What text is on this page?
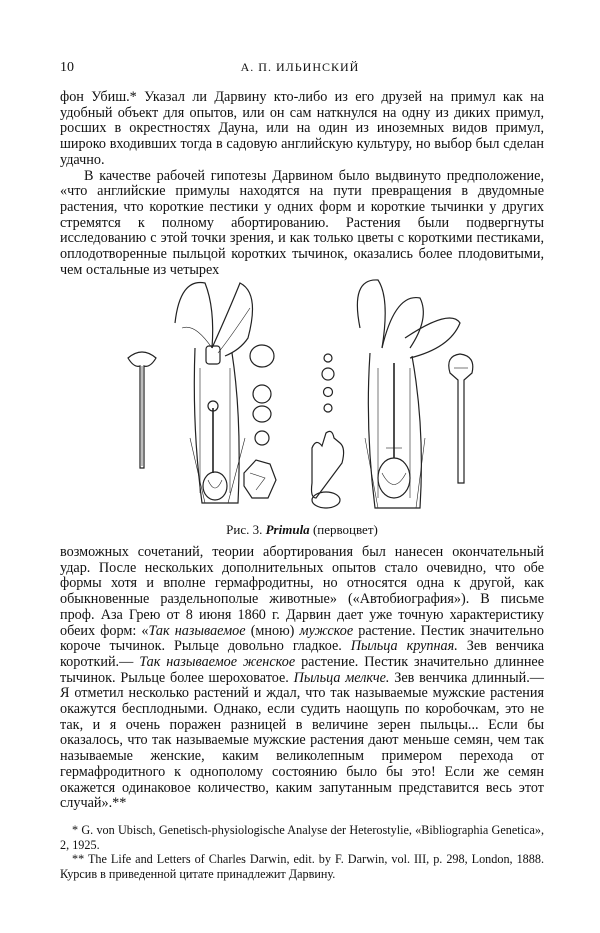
10	А. П. ИЛЬИНСКИЙ

фон Убиш.* Указал ли Дарвину кто-либо из его друзей на примул как на удобный объект для опытов, или он сам наткнулся на одну из диких примул, росших в окрестностях Дауна, или на один из иноземных видов примул, широко входивших тогда в садовую английскую культуру, но выбор был сделан удачно.

В качестве рабочей гипотезы Дарвином было выдвинуто предположение, «что английские примулы находятся на пути превращения в двудомные растения, что короткие пестики у одних форм и короткие тычинки у других стремятся к полному абортированию. Растения были подвергнуты исследованию с этой точки зрения, и как только цветы с короткими пестиками, оплодотворенные пыльцой коротких тычинок, оказались более плодовитыми, чем остальные из четырех

Рис. 3. Primula (первоцвет)

возможных сочетаний, теории абортирования был нанесен окончательный удар. После нескольких дополнительных опытов стало очевидно, что обе формы хотя и вполне гермафродитны, но относятся одна к другой, как обыкновенные раздельнополые животные» («Автобиография»). В письме проф. Аза Грею от 8 июня 1860 г. Дарвин дает уже точную характеристику обеих форм: «Так называемое (мною) мужское растение. Пестик значительно короче тычинок. Рыльце довольно гладкое. Пыльца крупная. Зев венчика короткий.— Так называемое женское растение. Пестик значительно длиннее тычинок. Рыльце более шероховатое. Пыльца мелкче. Зев венчика длинный.— Я отметил несколько растений и ждал, что так называемые мужские растения окажутся бесплодными. Однако, если судить наощупь по коробочкам, это не так, и я очень поражен разницей в величине зерен пыльцы... Если бы оказалось, что так называемые мужские растения дают меньше семян, чем так называемые женские, каким великолепным примером перехода от гермафродитного к однополому состоянию было бы это! Если же семян окажется одинаковое количество, каким запутанным представится весь этот случай».**

* G. von Ubisch, Genetisch-physiologische Analyse der Heterostylie, «Bibliographia Genetica», 2, 1925.

** The Life and Letters of Charles Darwin, edit. by F. Darwin, vol. III, p. 298, London, 1888. Курсив в приведенной цитате принадлежит Дарвину.
